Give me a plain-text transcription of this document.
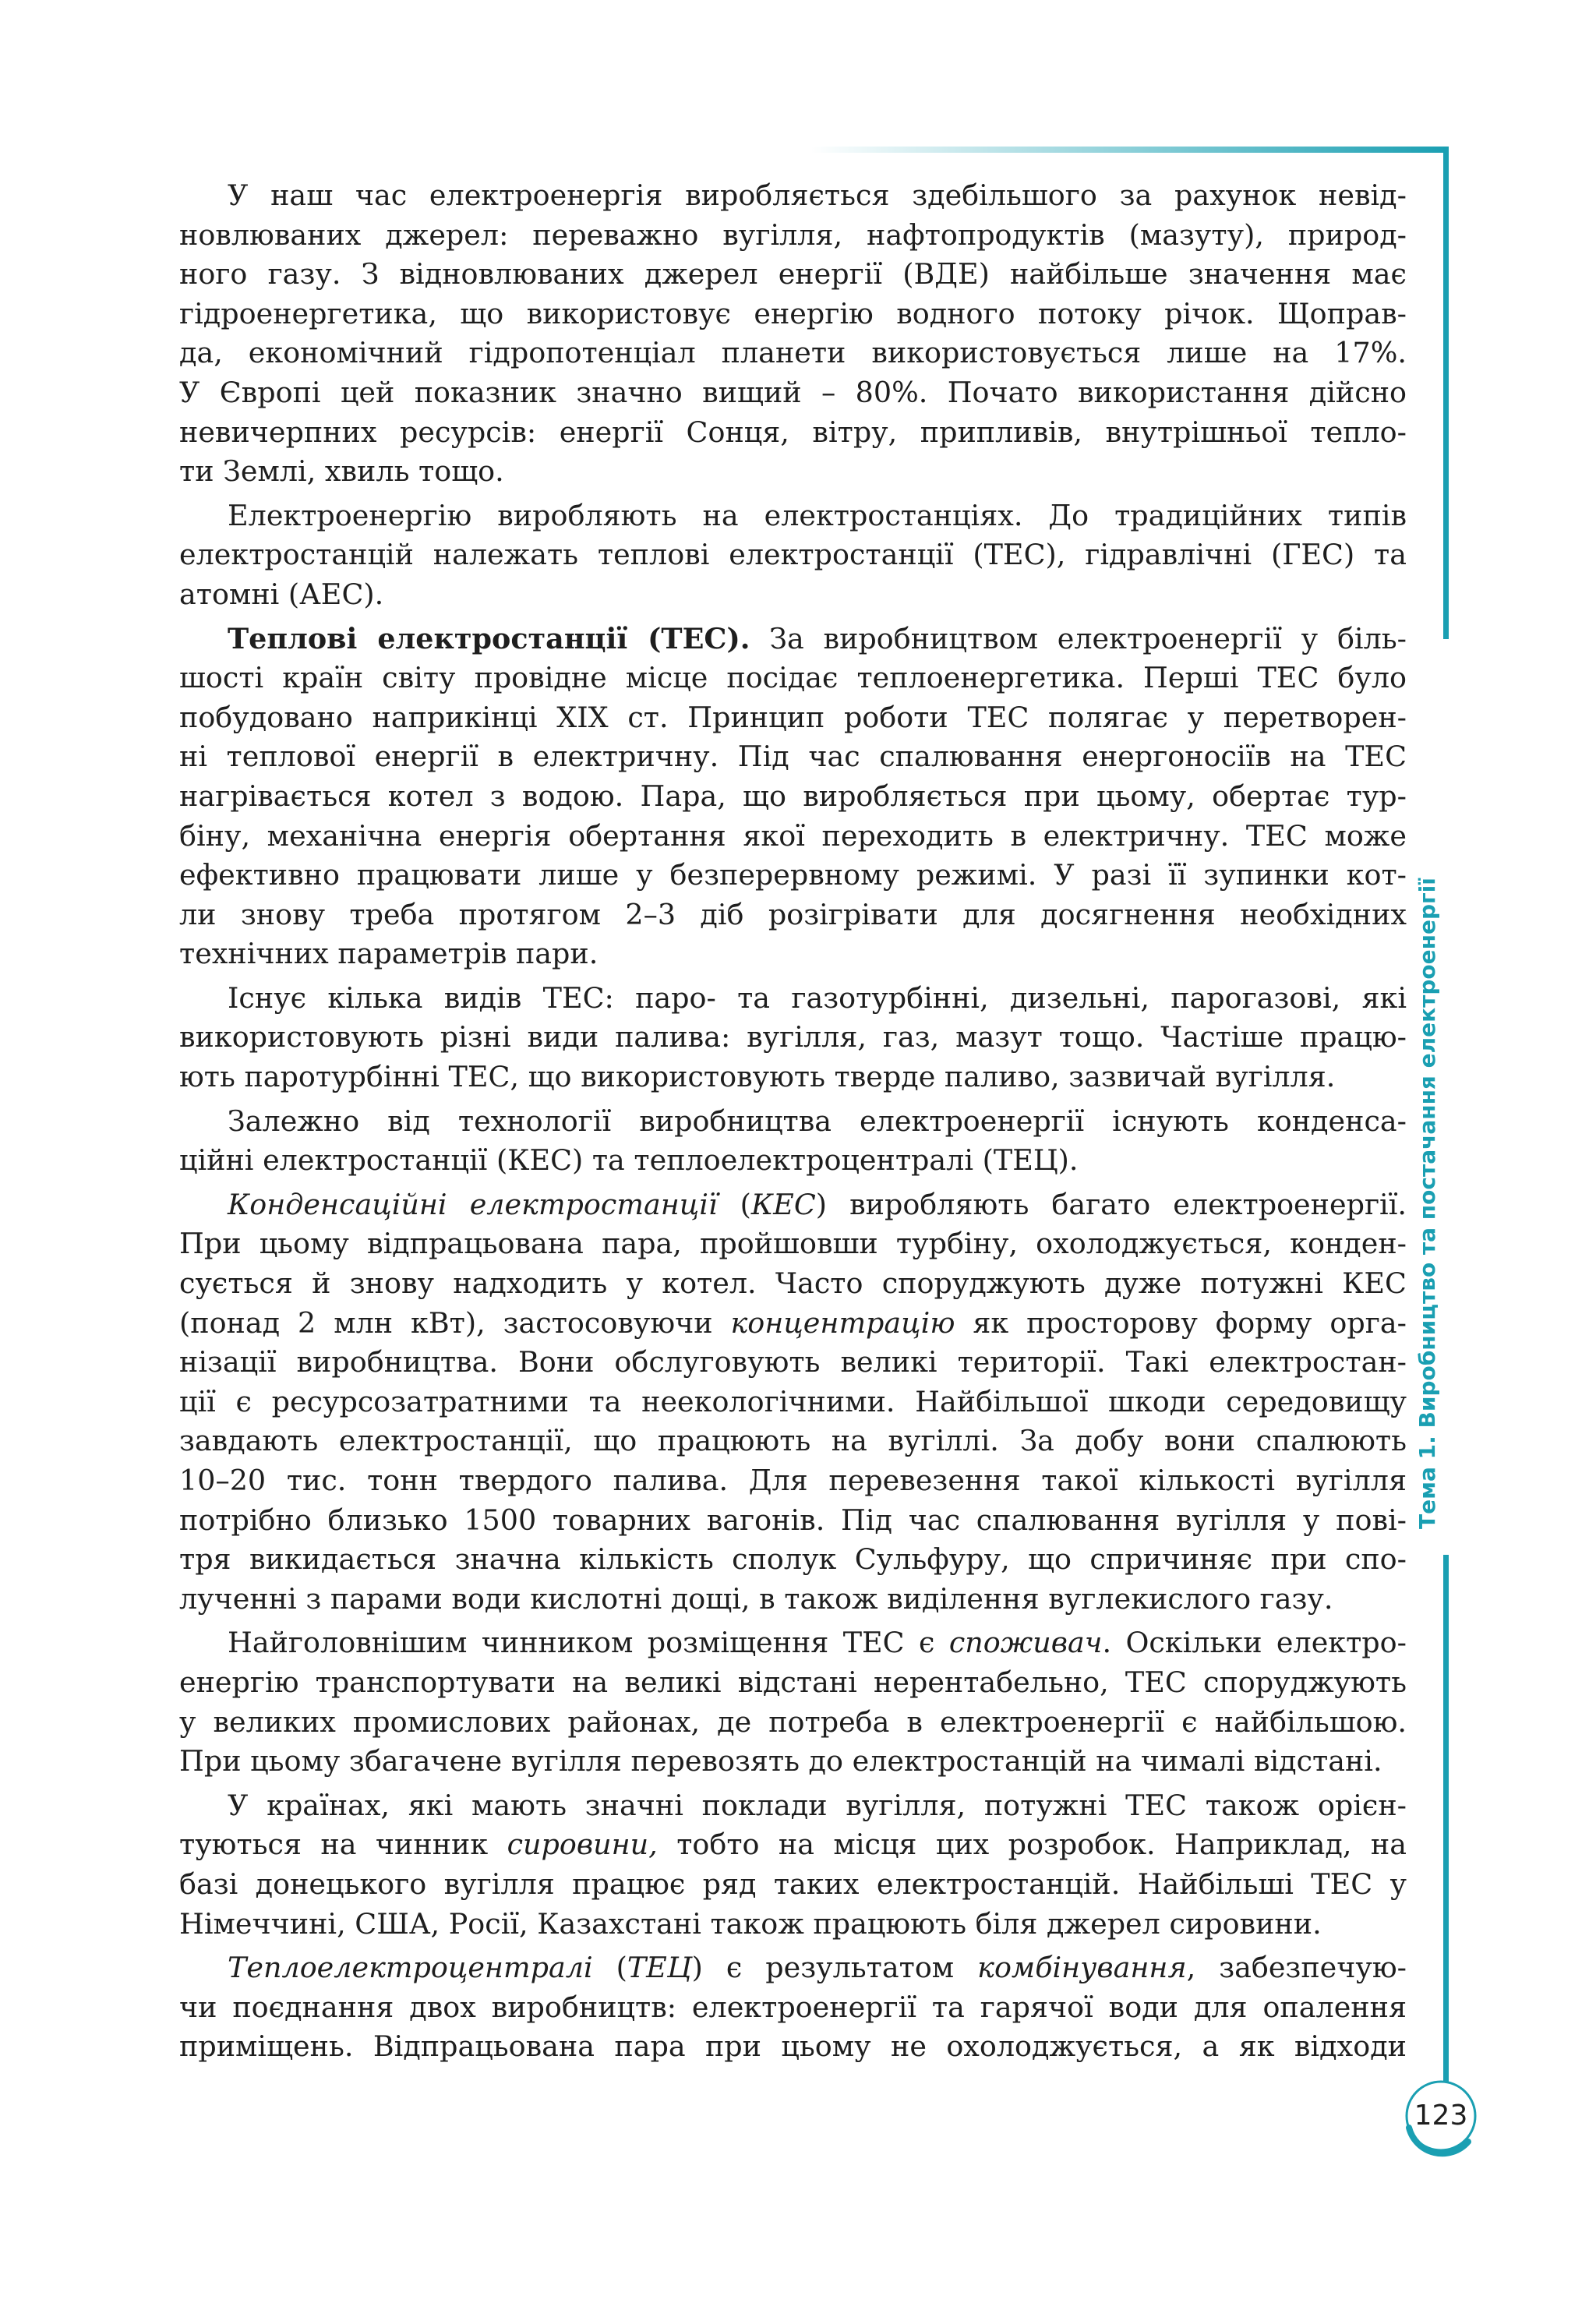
Тема 1. Виробництво та постачання електроенергії
123
У наш час електроенергія виробляється здебільшого за рахунок невід-
новлюваних джерел: переважно вугілля, нафтопродуктів (мазуту), природ-
ного газу. З відновлюваних джерел енергії (ВДЕ) найбільше значення має
гідроенергетика, що використовує енергію водного потоку річок. Щоправ-
да, економічний гідропотенціал планети використовується лише на 17%.
У Європі цей показник значно вищий – 80%. Почато використання дійсно
невичерпних ресурсів: енергії Сонця, вітру, припливів, внутрішньої тепло-
ти Землі, хвиль тощо.
Електроенергію виробляють на електростанціях. До традиційних типів
електростанцій належать теплові електростанції (ТЕС), гідравлічні (ГЕС) та
атомні (АЕС).
Теплові електростанції (ТЕС). За виробництвом електроенергії у біль-
шості країн світу провідне місце посідає теплоенергетика. Перші ТЕС було
побудовано наприкінці ХІХ ст. Принцип роботи ТЕС полягає у перетворен-
ні теплової енергії в електричну. Під час спалювання енергоносіїв на ТЕС
нагрівається котел з водою. Пара, що виробляється при цьому, обертає тур-
біну, механічна енергія обертання якої переходить в електричну. ТЕС може
ефективно працювати лише у безперервному режимі. У разі її зупинки кот-
ли знову треба протягом 2–3 діб розігрівати для досягнення необхідних
технічних параметрів пари.
Існує кілька видів ТЕС: паро- та газотурбінні, дизельні, парогазові, які
використовують різні види палива: вугілля, газ, мазут тощо. Частіше працю-
ють паротурбінні ТЕС, що використовують тверде паливо, зазвичай вугілля.
Залежно від технології виробництва електроенергії існують конденса-
ційні електростанції (КЕС) та теплоелектроцентралі (ТЕЦ).
Конденсаційні електростанції (КЕС) виробляють багато електроенергії.
При цьому відпрацьована пара, пройшовши турбіну, охолоджується, конден-
сується й знову надходить у котел. Часто споруджують дуже потужні КЕС
(понад 2 млн кВт), застосовуючи концентрацію як просторову форму орга-
нізації виробництва. Вони обслуговують великі території. Такі електростан-
ції є ресурсозатратними та неекологічними. Найбільшої шкоди середовищу
завдають електростанції, що працюють на вугіллі. За добу вони спалюють
10–20 тис. тонн твердого палива. Для перевезення такої кількості вугілля
потрібно близько 1500 товарних вагонів. Під час спалювання вугілля у пові-
тря викидається значна кількість сполук Сульфуру, що спричиняє при спо-
лученні з парами води кислотні дощі, в також виділення вуглекислого газу.
Найголовнішим чинником розміщення ТЕС є споживач. Оскільки електро-
енергію транспортувати на великі відстані нерентабельно, ТЕС споруджують
у великих промислових районах, де потреба в електроенергії є найбільшою.
При цьому збагачене вугілля перевозять до електростанцій на чималі відстані.
У країнах, які мають значні поклади вугілля, потужні ТЕС також орієн-
туються на чинник сировини, тобто на місця цих розробок. Наприклад, на
базі донецького вугілля працює ряд таких електростанцій. Найбільші ТЕС у
Німеччині, США, Росії, Казахстані також працюють біля джерел сировини.
Теплоелектроцентралі (ТЕЦ) є результатом комбінування, забезпечую-
чи поєднання двох виробництв: електроенергії та гарячої води для опалення
приміщень. Відпрацьована пара при цьому не охолоджується, а як відходи
